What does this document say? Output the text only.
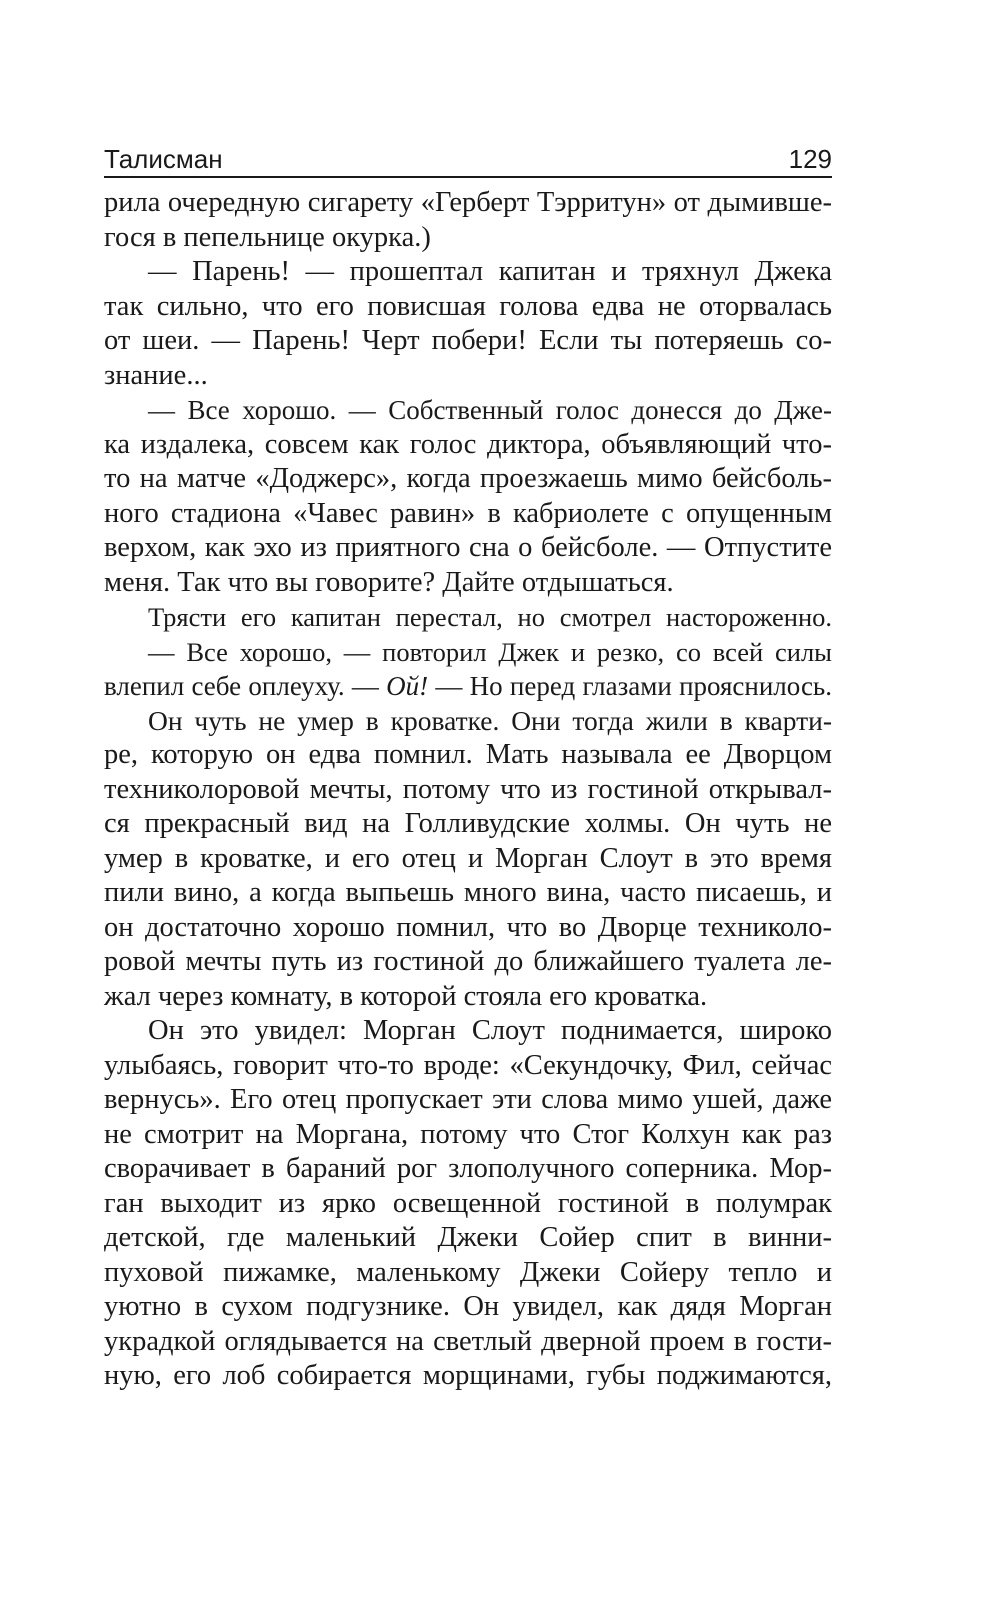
Талисман	129
рила очередную сигарету «Герберт Тэрритун» от дымивше-
гося в пепельнице окурка.)
— Парень! — прошептал капитан и тряхнул Джека
так сильно, что его повисшая голова едва не оторвалась
от шеи. — Парень! Черт побери! Если ты потеряешь со-
знание...
— Все хорошо. — Собственный голос донесся до Дже-
ка издалека, совсем как голос диктора, объявляющий что-
то на матче «Доджерс», когда проезжаешь мимо бейсболь-
ного стадиона «Чавес равин» в кабриолете с опущенным
верхом, как эхо из приятного сна о бейсболе. — Отпустите
меня. Так что вы говорите? Дайте отдышаться.
Трясти его капитан перестал, но смотрел настороженно.
— Все хорошо, — повторил Джек и резко, со всей силы
влепил себе оплеуху. — Ой! — Но перед глазами прояснилось.
Он чуть не умер в кроватке. Они тогда жили в кварти-
ре, которую он едва помнил. Мать называла ее Дворцом
техниколоровой мечты, потому что из гостиной открывал-
ся прекрасный вид на Голливудские холмы. Он чуть не
умер в кроватке, и его отец и Морган Слоут в это время
пили вино, а когда выпьешь много вина, часто писаешь, и
он достаточно хорошо помнил, что во Дворце техниколо-
ровой мечты путь из гостиной до ближайшего туалета ле-
жал через комнату, в которой стояла его кроватка.
Он это увидел: Морган Слоут поднимается, широко
улыбаясь, говорит что-то вроде: «Секундочку, Фил, сейчас
вернусь». Его отец пропускает эти слова мимо ушей, даже
не смотрит на Моргана, потому что Стог Колхун как раз
сворачивает в бараний рог злополучного соперника. Мор-
ган выходит из ярко освещенной гостиной в полумрак
детской, где маленький Джеки Сойер спит в винни-
пуховой пижамке, маленькому Джеки Сойеру тепло и
уютно в сухом подгузнике. Он увидел, как дядя Морган
украдкой оглядывается на светлый дверной проем в гости-
ную, его лоб собирается морщинами, губы поджимаются,
